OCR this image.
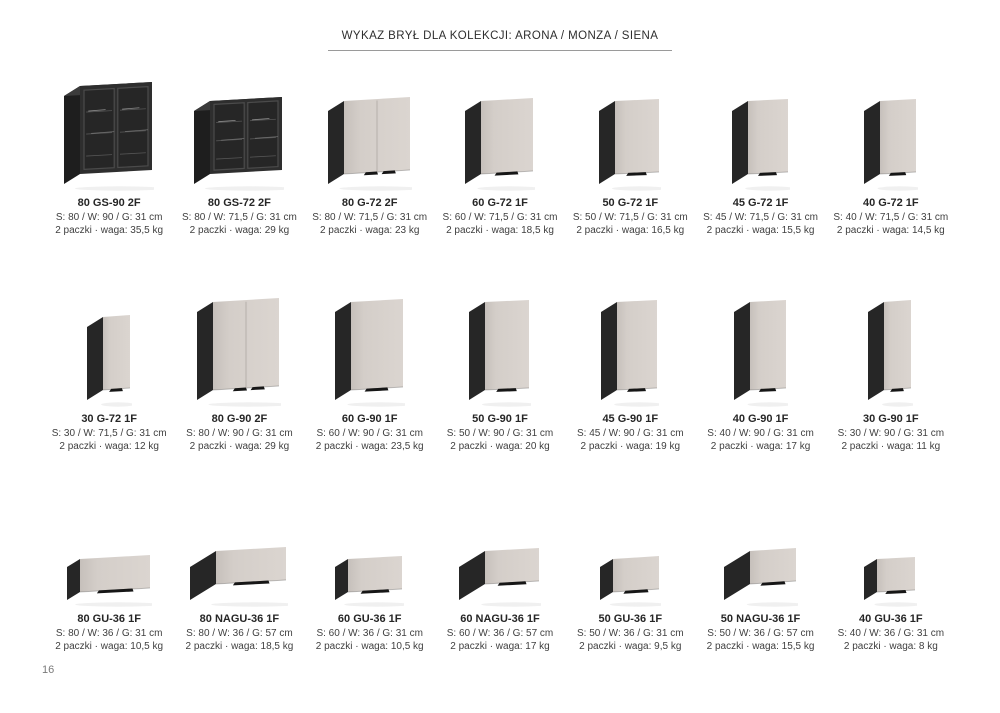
WYKAZ BRYŁ DLA KOLEKCJI: ARONA / MONZA / SIENA
80 GS-90 2F
S: 80 / W: 90 / G: 31 cm
2 paczki · waga: 35,5 kg
80 GS-72 2F
S: 80 / W: 71,5 / G: 31 cm
2 paczki · waga: 29 kg
80 G-72 2F
S: 80 / W: 71,5 / G: 31 cm
2 paczki · waga: 23 kg
60 G-72 1F
S: 60 / W: 71,5 / G: 31 cm
2 paczki · waga: 18,5 kg
50 G-72 1F
S: 50 / W: 71,5 / G: 31 cm
2 paczki · waga: 16,5 kg
45 G-72 1F
S: 45 / W: 71,5 / G: 31 cm
2 paczki · waga: 15,5 kg
40 G-72 1F
S: 40 / W: 71,5 / G: 31 cm
2 paczki · waga: 14,5 kg
30 G-72 1F
S: 30 / W: 71,5 / G: 31 cm
2 paczki · waga: 12 kg
80 G-90 2F
S: 80 / W: 90 / G: 31 cm
2 paczki · waga: 29 kg
60 G-90 1F
S: 60 / W: 90 / G: 31 cm
2 paczki · waga: 23,5 kg
50 G-90 1F
S: 50 / W: 90 / G: 31 cm
2 paczki · waga: 20 kg
45 G-90 1F
S: 45 / W: 90 / G: 31 cm
2 paczki · waga: 19 kg
40 G-90 1F
S: 40 / W: 90 / G: 31 cm
2 paczki · waga: 17 kg
30 G-90 1F
S: 30 / W: 90 / G: 31 cm
2 paczki · waga: 11 kg
80 GU-36 1F
S: 80 / W: 36 / G: 31 cm
2 paczki · waga: 10,5 kg
80 NAGU-36 1F
S: 80 / W: 36 / G: 57 cm
2 paczki · waga: 18,5 kg
60 GU-36 1F
S: 60 / W: 36 / G: 31 cm
2 paczki · waga: 10,5 kg
60 NAGU-36 1F
S: 60 / W: 36 / G: 57 cm
2 paczki · waga: 17 kg
50 GU-36 1F
S: 50 / W: 36 / G: 31 cm
2 paczki · waga: 9,5 kg
50 NAGU-36 1F
S: 50 / W: 36 / G: 57 cm
2 paczki · waga: 15,5 kg
40 GU-36 1F
S: 40 / W: 36 / G: 31 cm
2 paczki · waga: 8 kg
16
